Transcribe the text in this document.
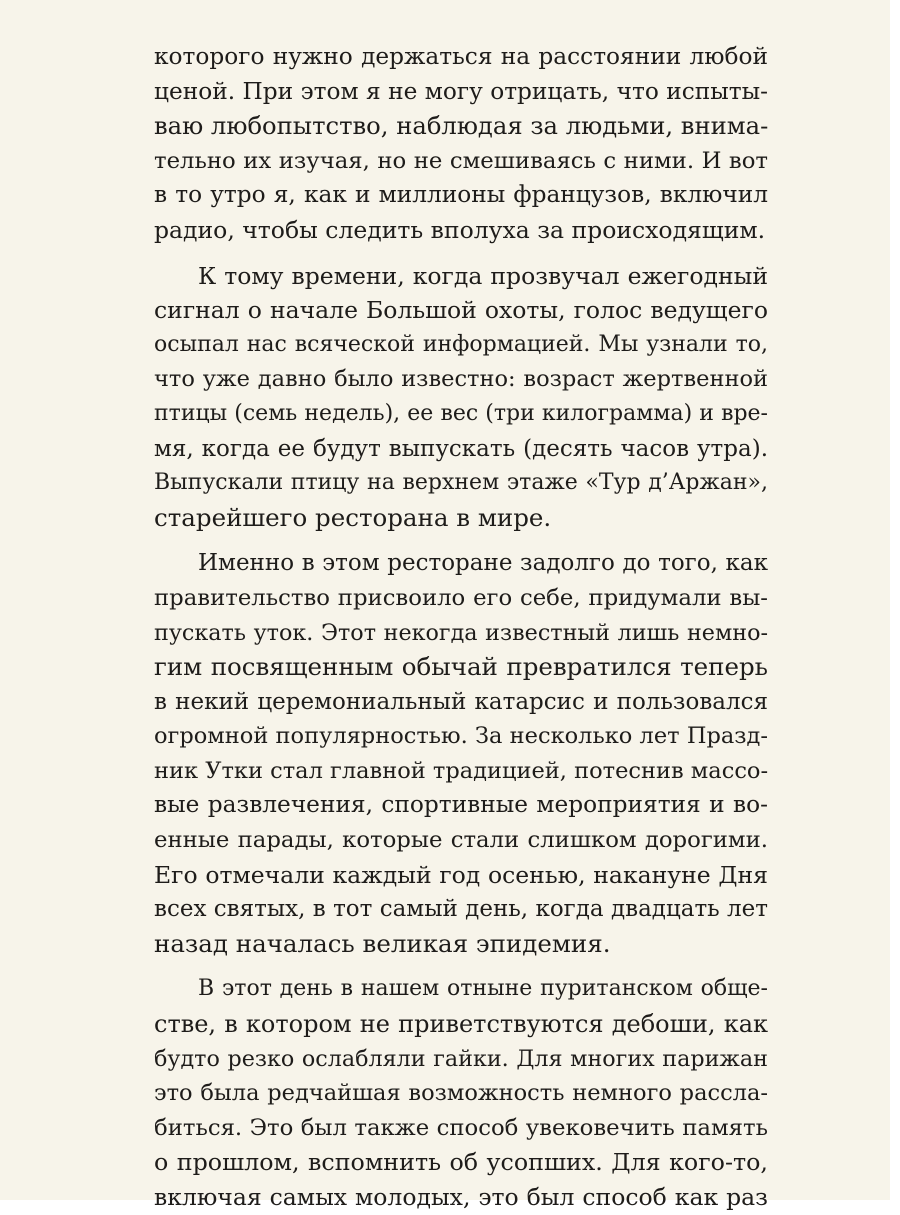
которого нужно держаться на расстоянии любой
ценой. При этом я не могу отрицать, что испыты-
ваю любопытство, наблюдая за людьми, внима-
тельно их изучая, но не смешиваясь с ними. И вот
в то утро я, как и миллионы французов, включил
радио, чтобы следить вполуха за происходящим.
К тому времени, когда прозвучал ежегодный
сигнал о начале Большой охоты, голос ведущего
осыпал нас всяческой информацией. Мы узнали то,
что уже давно было известно: возраст жертвенной
птицы (семь недель), ее вес (три килограмма) и вре-
мя, когда ее будут выпускать (десять часов утра).
Выпускали птицу на верхнем этаже «Тур д’Аржан»,
старейшего ресторана в мире.
Именно в этом ресторане задолго до того, как
правительство присвоило его себе, придумали вы-
пускать уток. Этот некогда известный лишь немно-
гим посвященным обычай превратился теперь
в некий церемониальный катарсис и пользовался
огромной популярностью. За несколько лет Празд-
ник Утки стал главной традицией, потеснив массо-
вые развлечения, спортивные мероприятия и во-
енные парады, которые стали слишком дорогими.
Его отмечали каждый год осенью, накануне Дня
всех святых, в тот самый день, когда двадцать лет
назад началась великая эпидемия.
В этот день в нашем отныне пуританском обще-
стве, в котором не приветствуются дебоши, как
будто резко ослабляли гайки. Для многих парижан
это была редчайшая возможность немного рассла-
биться. Это был также способ увековечить память
о прошлом, вспомнить об усопших. Для кого-то,
включая самых молодых, это был способ как раз
